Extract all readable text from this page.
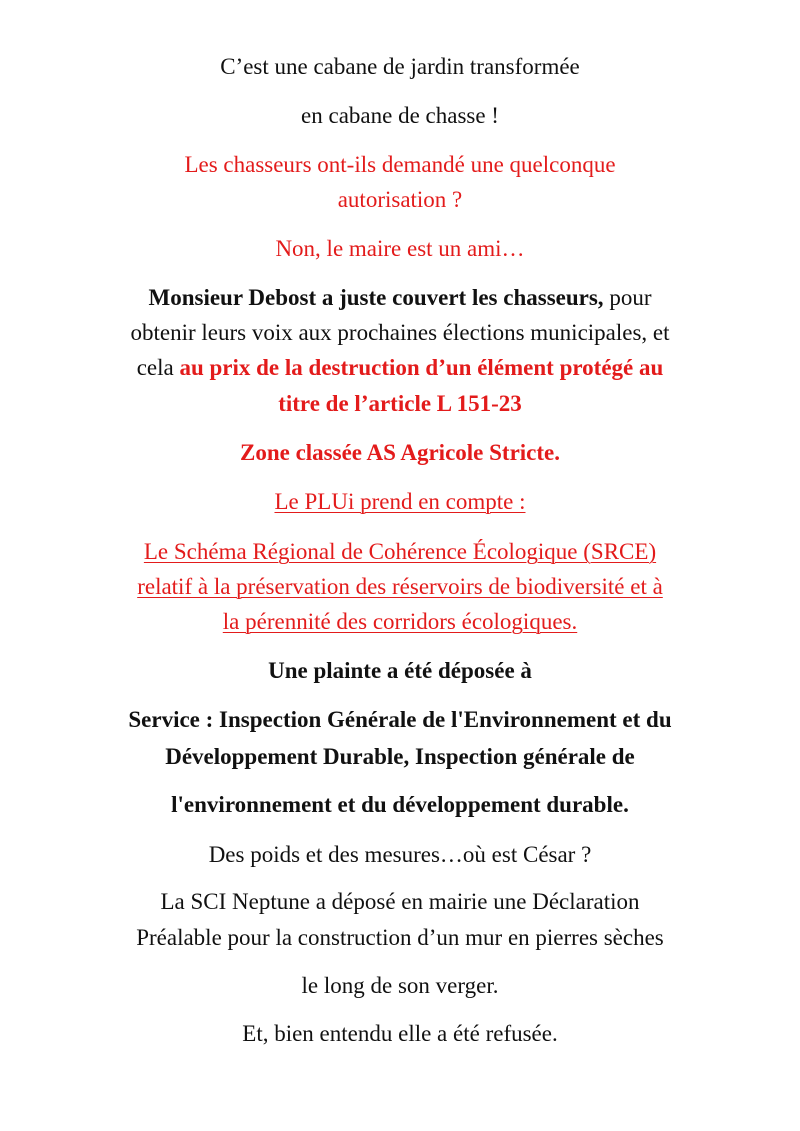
C’est une cabane de jardin transformée
en cabane de chasse !
Les chasseurs ont-ils demandé une quelconque
autorisation ?
Non, le maire est un ami…
Monsieur Debost a juste couvert les chasseurs, pour
obtenir leurs voix aux prochaines élections municipales, et
cela au prix de la destruction d’un élément protégé au
titre de l’article L 151-23
Zone classée AS Agricole Stricte.
Le PLUi prend en compte :
Le Schéma Régional de Cohérence Écologique (SRCE)
relatif à la préservation des réservoirs de biodiversité et à
la pérennité des corridors écologiques.
Une plainte a été déposée à
Service : Inspection Générale de l'Environnement et du
Développement Durable, Inspection générale de
l'environnement et du développement durable.
Des poids et des mesures…où est César ?
La SCI Neptune a déposé en mairie une Déclaration
Préalable pour la construction d’un mur en pierres sèches
le long de son verger.
Et, bien entendu elle a été refusée.
